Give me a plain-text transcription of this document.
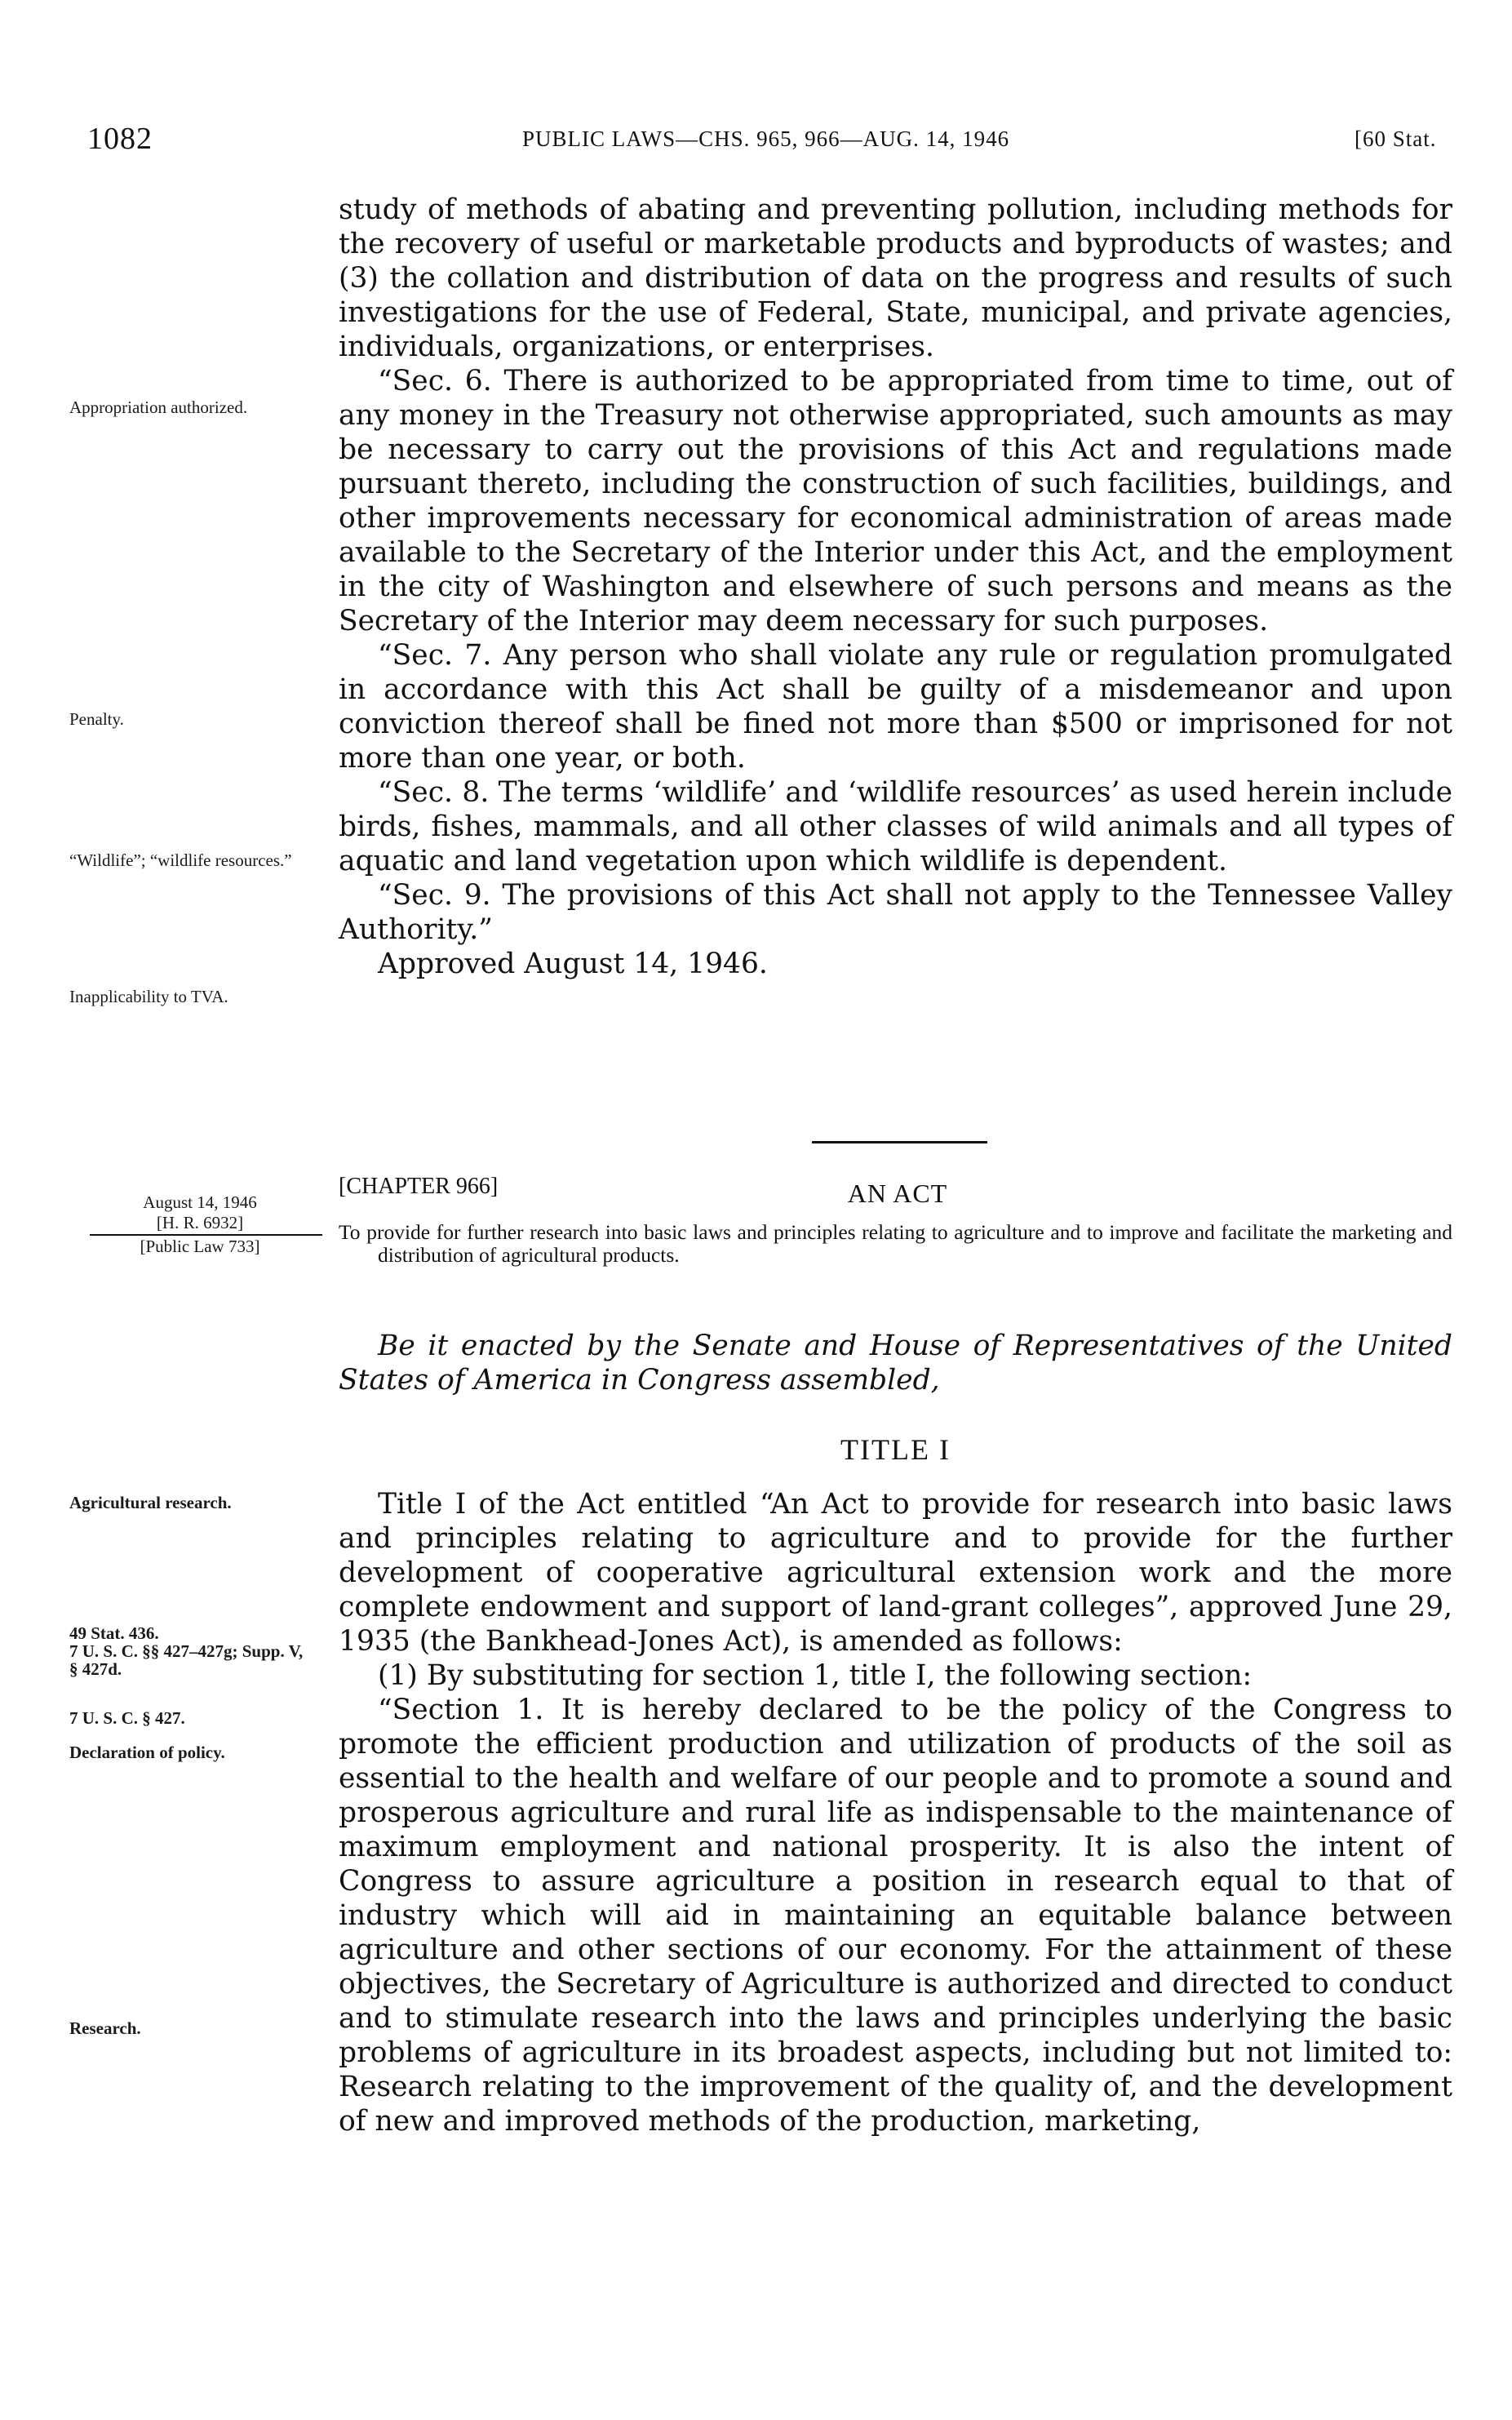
1082	PUBLIC LAWS—CHS. 965, 966—AUG. 14, 1946	[60 Stat.
Appropriation authorized.
Penalty.
“Wildlife”; “wildlife resources.”
Inapplicability to TVA.
August 14, 1946
[H. R. 6932]
[Public Law 733]
Agricultural research.
49 Stat. 436.
7 U. S. C. §§ 427–427g; Supp. V, § 427d.
7 U. S. C. § 427.
Declaration of policy.
Research.

study of methods of abating and preventing pollution, including methods for the recovery of useful or marketable products and byproducts of wastes; and (3) the collation and distribution of data on the progress and results of such investigations for the use of Federal, State, municipal, and private agencies, individuals, organizations, or enterprises.

“Sec. 6. There is authorized to be appropriated from time to time, out of any money in the Treasury not otherwise appropriated, such amounts as may be necessary to carry out the provisions of this Act and regulations made pursuant thereto, including the construction of such facilities, buildings, and other improvements necessary for economical administration of areas made available to the Secretary of the Interior under this Act, and the employment in the city of Washington and elsewhere of such persons and means as the Secretary of the Interior may deem necessary for such purposes.

“Sec. 7. Any person who shall violate any rule or regulation promulgated in accordance with this Act shall be guilty of a misdemeanor and upon conviction thereof shall be fined not more than $500 or imprisoned for not more than one year, or both.

“Sec. 8. The terms ‘wildlife’ and ‘wildlife resources’ as used herein include birds, fishes, mammals, and all other classes of wild animals and all types of aquatic and land vegetation upon which wildlife is dependent.

“Sec. 9. The provisions of this Act shall not apply to the Tennessee Valley Authority.”

Approved August 14, 1946.

[CHAPTER 966]	AN ACT
To provide for further research into basic laws and principles relating to agriculture and to improve and facilitate the marketing and distribution of agricultural products.
Be it enacted by the Senate and House of Representatives of the United States of America in Congress assembled,
TITLE I

Title I of the Act entitled “An Act to provide for research into basic laws and principles relating to agriculture and to provide for the further development of cooperative agricultural extension work and the more complete endowment and support of land-grant colleges”, approved June 29, 1935 (the Bankhead-Jones Act), is amended as follows:

(1) By substituting for section 1, title I, the following section:

“Section 1. It is hereby declared to be the policy of the Congress to promote the efficient production and utilization of products of the soil as essential to the health and welfare of our people and to promote a sound and prosperous agriculture and rural life as indispensable to the maintenance of maximum employment and national prosperity. It is also the intent of Congress to assure agriculture a position in research equal to that of industry which will aid in maintaining an equitable balance between agriculture and other sections of our economy. For the attainment of these objectives, the Secretary of Agriculture is authorized and directed to conduct and to stimulate research into the laws and principles underlying the basic problems of agriculture in its broadest aspects, including but not limited to: Research relating to the improvement of the quality of, and the development of new and improved methods of the production, marketing,
